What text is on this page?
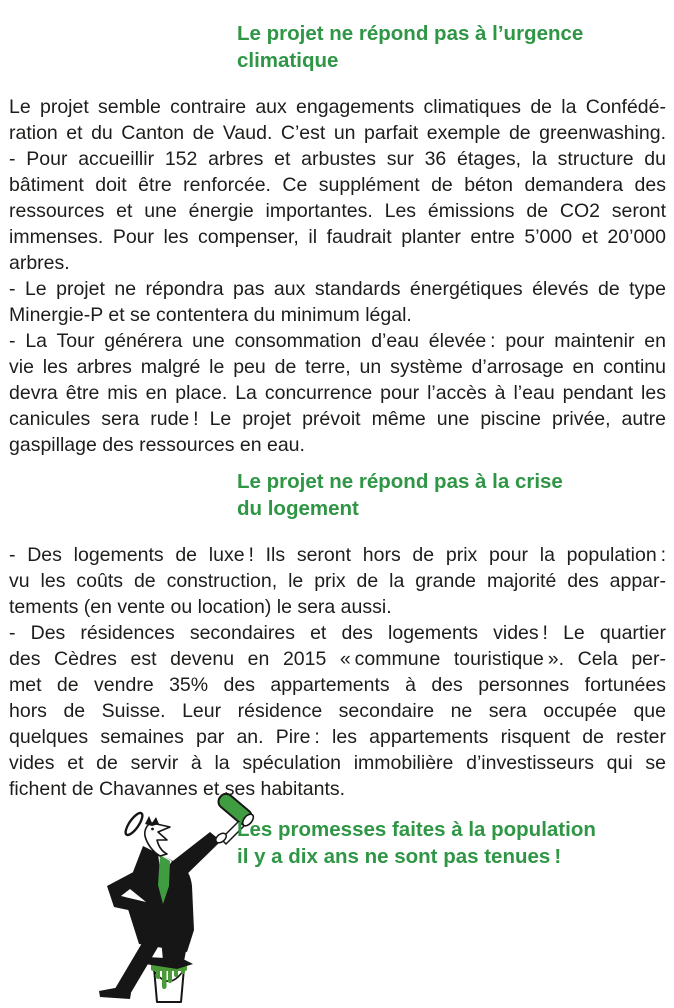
Le projet ne répond pas à l’urgence
climatique
Le projet semble contraire aux engagements climatiques de la Confédé-
ration et du Canton de Vaud. C’est un parfait exemple de greenwashing.
- Pour accueillir 152 arbres et arbustes sur 36 étages, la structure du
bâtiment doit être renforcée. Ce supplément de béton demandera des
ressources et une énergie importantes. Les émissions de CO2 seront
immenses. Pour les compenser, il faudrait planter entre 5’000 et 20’000
arbres.
- Le projet ne répondra pas aux standards énergétiques élevés de type
Minergie-P et se contentera du minimum légal.
- La Tour générera une consommation d’eau élevée : pour maintenir en
vie les arbres malgré le peu de terre, un système d’arrosage en continu
devra être mis en place. La concurrence pour l’accès à l’eau pendant les
canicules sera rude ! Le projet prévoit même une piscine privée, autre
gaspillage des ressources en eau.
Le projet ne répond pas à la crise
du logement
- Des logements de luxe ! Ils seront hors de prix pour la population :
vu les coûts de construction, le prix de la grande majorité des appar-
tements (en vente ou location) le sera aussi.
- Des résidences secondaires et des logements vides ! Le quartier
des Cèdres est devenu en 2015 « commune touristique ». Cela per-
met de vendre 35% des appartements à des personnes fortunées
hors de Suisse. Leur résidence secondaire ne sera occupée que
quelques semaines par an. Pire : les appartements risquent de rester
vides et de servir à la spéculation immobilière d’investisseurs qui se
fichent de Chavannes et ses habitants.
Les promesses faites à la population
il y a dix ans ne sont pas tenues !
